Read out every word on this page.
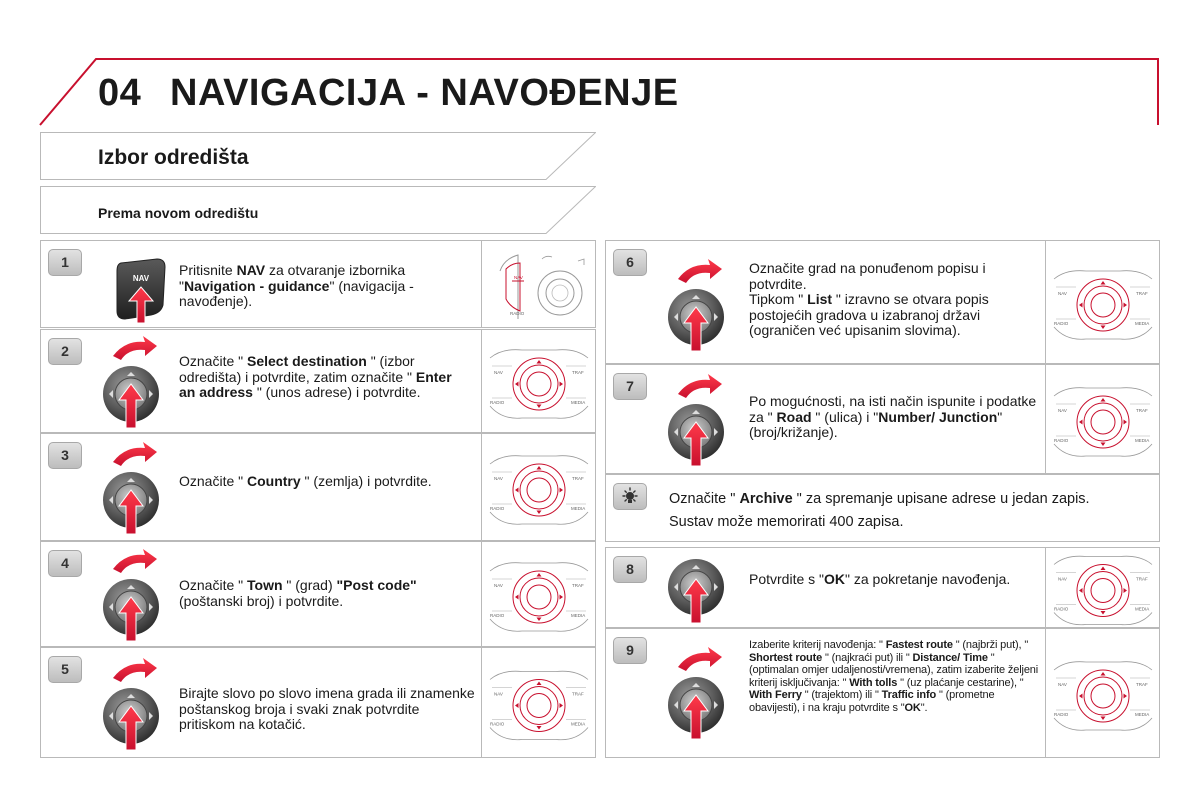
04 NAVIGACIJA - NAVOĐENJE
Izbor odredišta
Prema novom odredištu
1
NAV
Pritisnite NAV za otvaranje izbornika "Navigation - guidance" (navigacija - navođenje).
NAV
RADIO
2
Označite " Select destination " (izbor odredišta) i potvrdite, zatim označite " Enter an address " (unos adrese) i potvrdite.
NAV	TRAF
RADIO	MEDIA
3
Označite " Country " (zemlja) i potvrdite.	NAV	TRAF
RADIO	MEDIA
4
Označite " Town " (grad) "Post code" (poštanski broj) i potvrdite.
NAV	TRAF
RADIO	MEDIA
5
Birajte slovo po slovo imena grada ili znamenke poštanskog broja i svaki znak potvrdite pritiskom na kotačić.
NAV	TRAF
RADIO	MEDIA
6	Označite grad na ponuđenom popisu i potvrdite.
Tipkom " List " izravno se otvara popis postojećih gradova u izabranoj državi (ograničen već upisanim slovima).
NAV	TRAF
RADIO	MEDIA
7
Po mogućnosti, na isti način ispunite i podatke za " Road " (ulica) i "Number/ Junction" (broj/križanje).
NAV	TRAF
RADIO	MEDIA
Označite " Archive " za spremanje upisane adrese u jedan zapis.
Sustav može memorirati 400 zapisa.
8
Potvrdite s "OK" za pokretanje navođenja.	NAV	TRAF
RADIO	MEDIA
9	Izaberite kriterij navođenja: " Fastest route " (najbrži put), " Shortest route " (najkraći put) ili " Distance/ Time " (optimalan omjer udaljenosti/vremena), zatim izaberite željeni kriterij isključivanja: " With tolls " (uz plaćanje cestarine), " With Ferry " (trajektom) ili " Traffic info " (prometne obavijesti), i na kraju potvrdite s "OK".
NAV	TRAF
RADIO	MEDIA
